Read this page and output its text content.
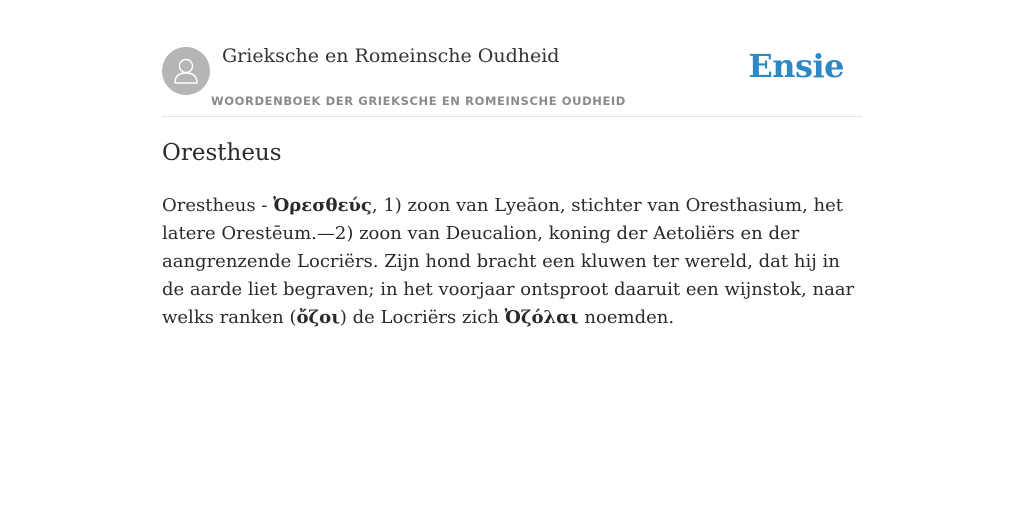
Grieksche en Romeinsche Oudheid
WOORDENBOEK DER GRIEKSCHE EN ROMEINSCHE OUDHEID
Ensie
Orestheus

Orestheus - Ὀρεσθεύς, 1) zoon van Lyeāon, stichter van Oresthasium, het latere Orestēum.—2) zoon van Deucalion, koning der Aetoliërs en der aangrenzende Locriërs. Zijn hond bracht een kluwen ter wereld, dat hij in de aarde liet begraven; in het voorjaar ontsproot daaruit een wijnstok, naar welks ranken (ὄζοι) de Locriërs zich Ὀζόλαι noemden.
